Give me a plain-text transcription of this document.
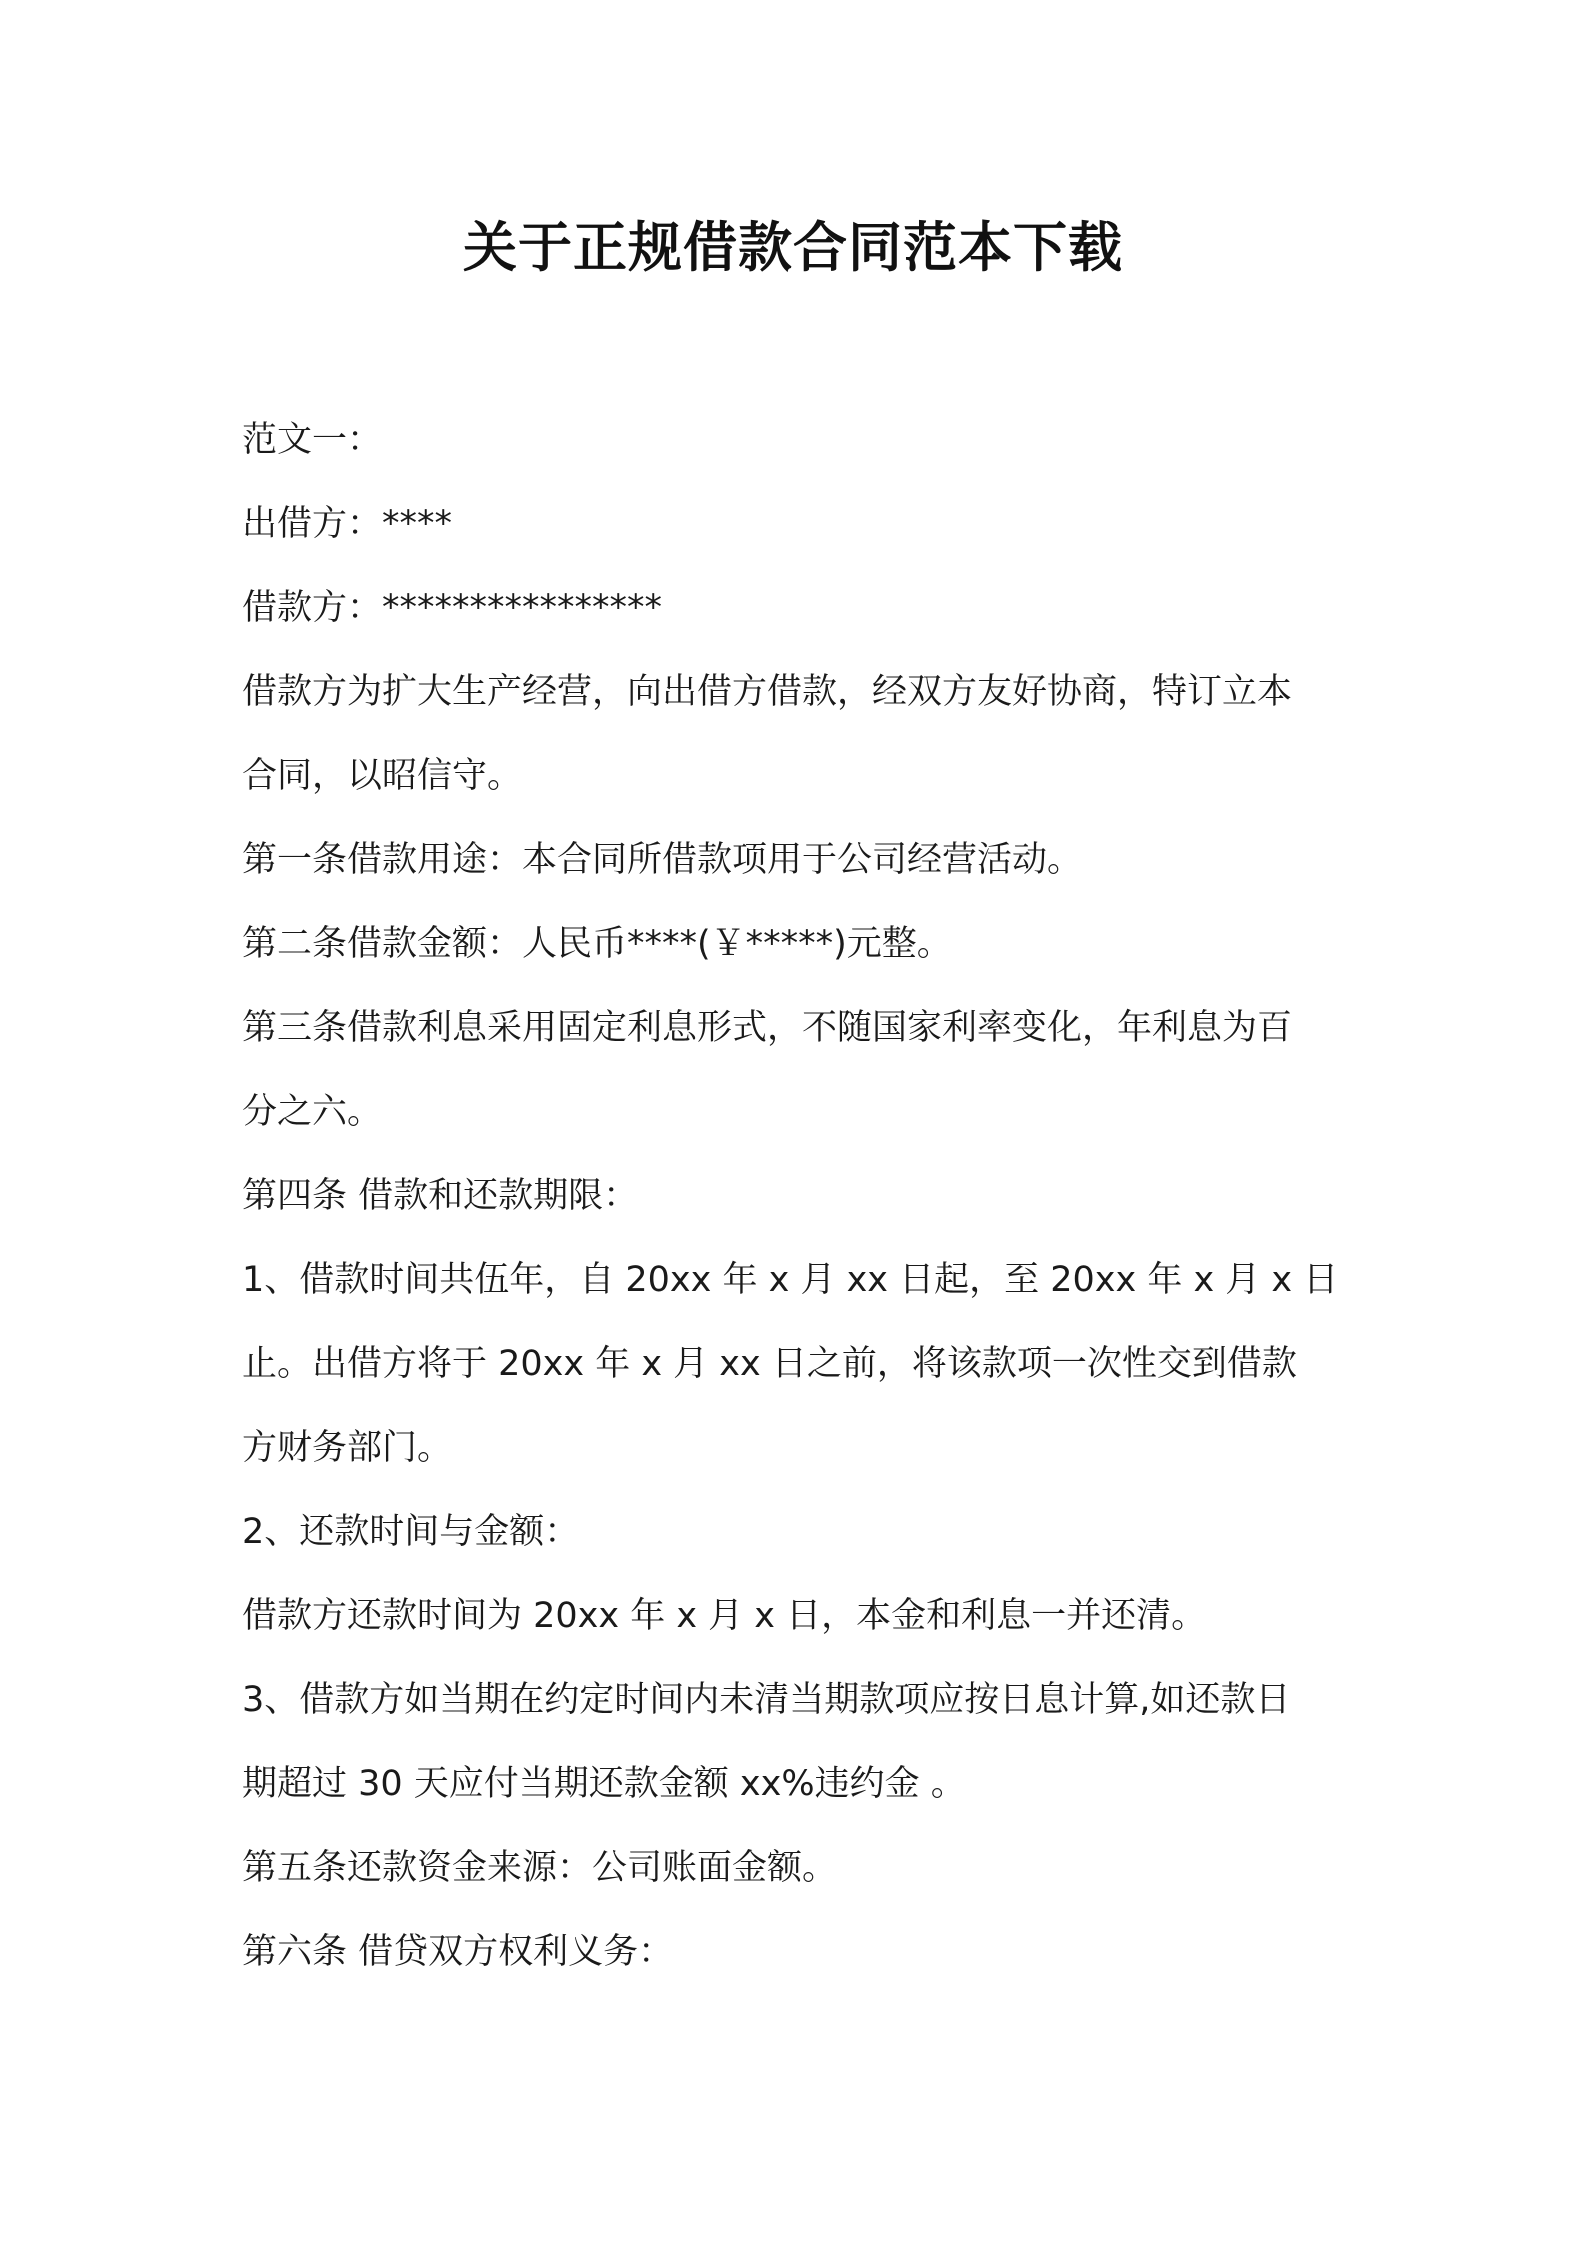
关于正规借款合同范本下载
范文一：
出借方：****
借款方：****************
借款方为扩大生产经营，向出借方借款，经双方友好协商，特订立本
合同，以昭信守。
第一条借款用途：本合同所借款项用于公司经营活动。
第二条借款金额：人民币****(￥*****)元整。
第三条借款利息采用固定利息形式，不随国家利率变化，年利息为百
分之六。
第四条 借款和还款期限：
1、借款时间共伍年，自 20xx 年 x 月 xx 日起，至 20xx 年 x 月 x 日
止。出借方将于 20xx 年 x 月 xx 日之前，将该款项一次性交到借款
方财务部门。
2、还款时间与金额：
借款方还款时间为 20xx 年 x 月 x 日，本金和利息一并还清。
3、借款方如当期在约定时间内未清当期款项应按日息计算,如还款日
期超过 30 天应付当期还款金额 xx%违约金 。
第五条还款资金来源：公司账面金额。
第六条 借贷双方权利义务：
